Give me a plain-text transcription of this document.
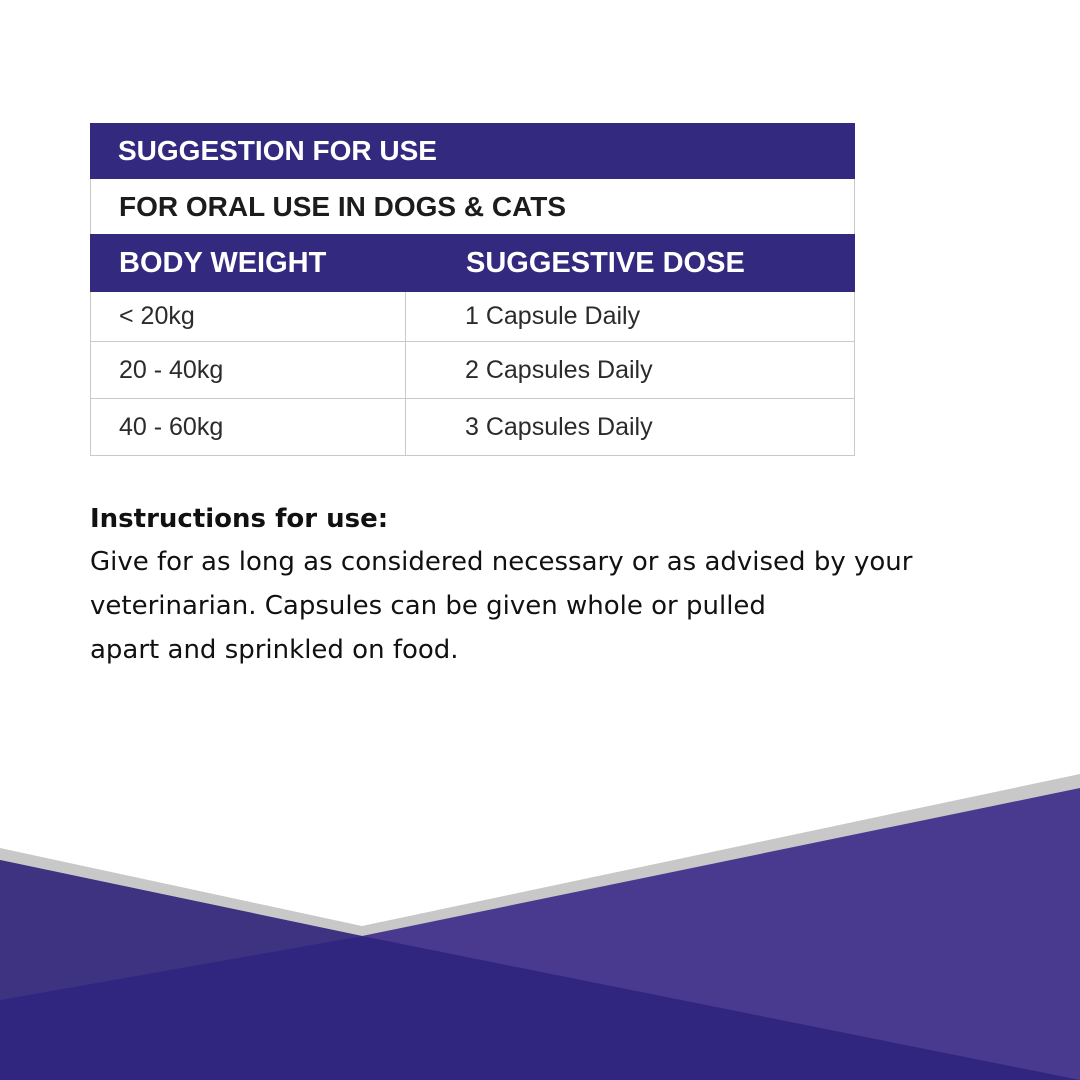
SUGGESTION FOR USE
FOR ORAL USE IN DOGS & CATS
BODY WEIGHT	SUGGESTIVE DOSE
< 20kg	1 Capsule Daily
20 - 40kg	2 Capsules Daily
40 - 60kg	3 Capsules Daily

Instructions for use:

Give for as long as considered necessary or as advised by your
veterinarian. Capsules can be given whole or pulled
apart and sprinkled on food.
